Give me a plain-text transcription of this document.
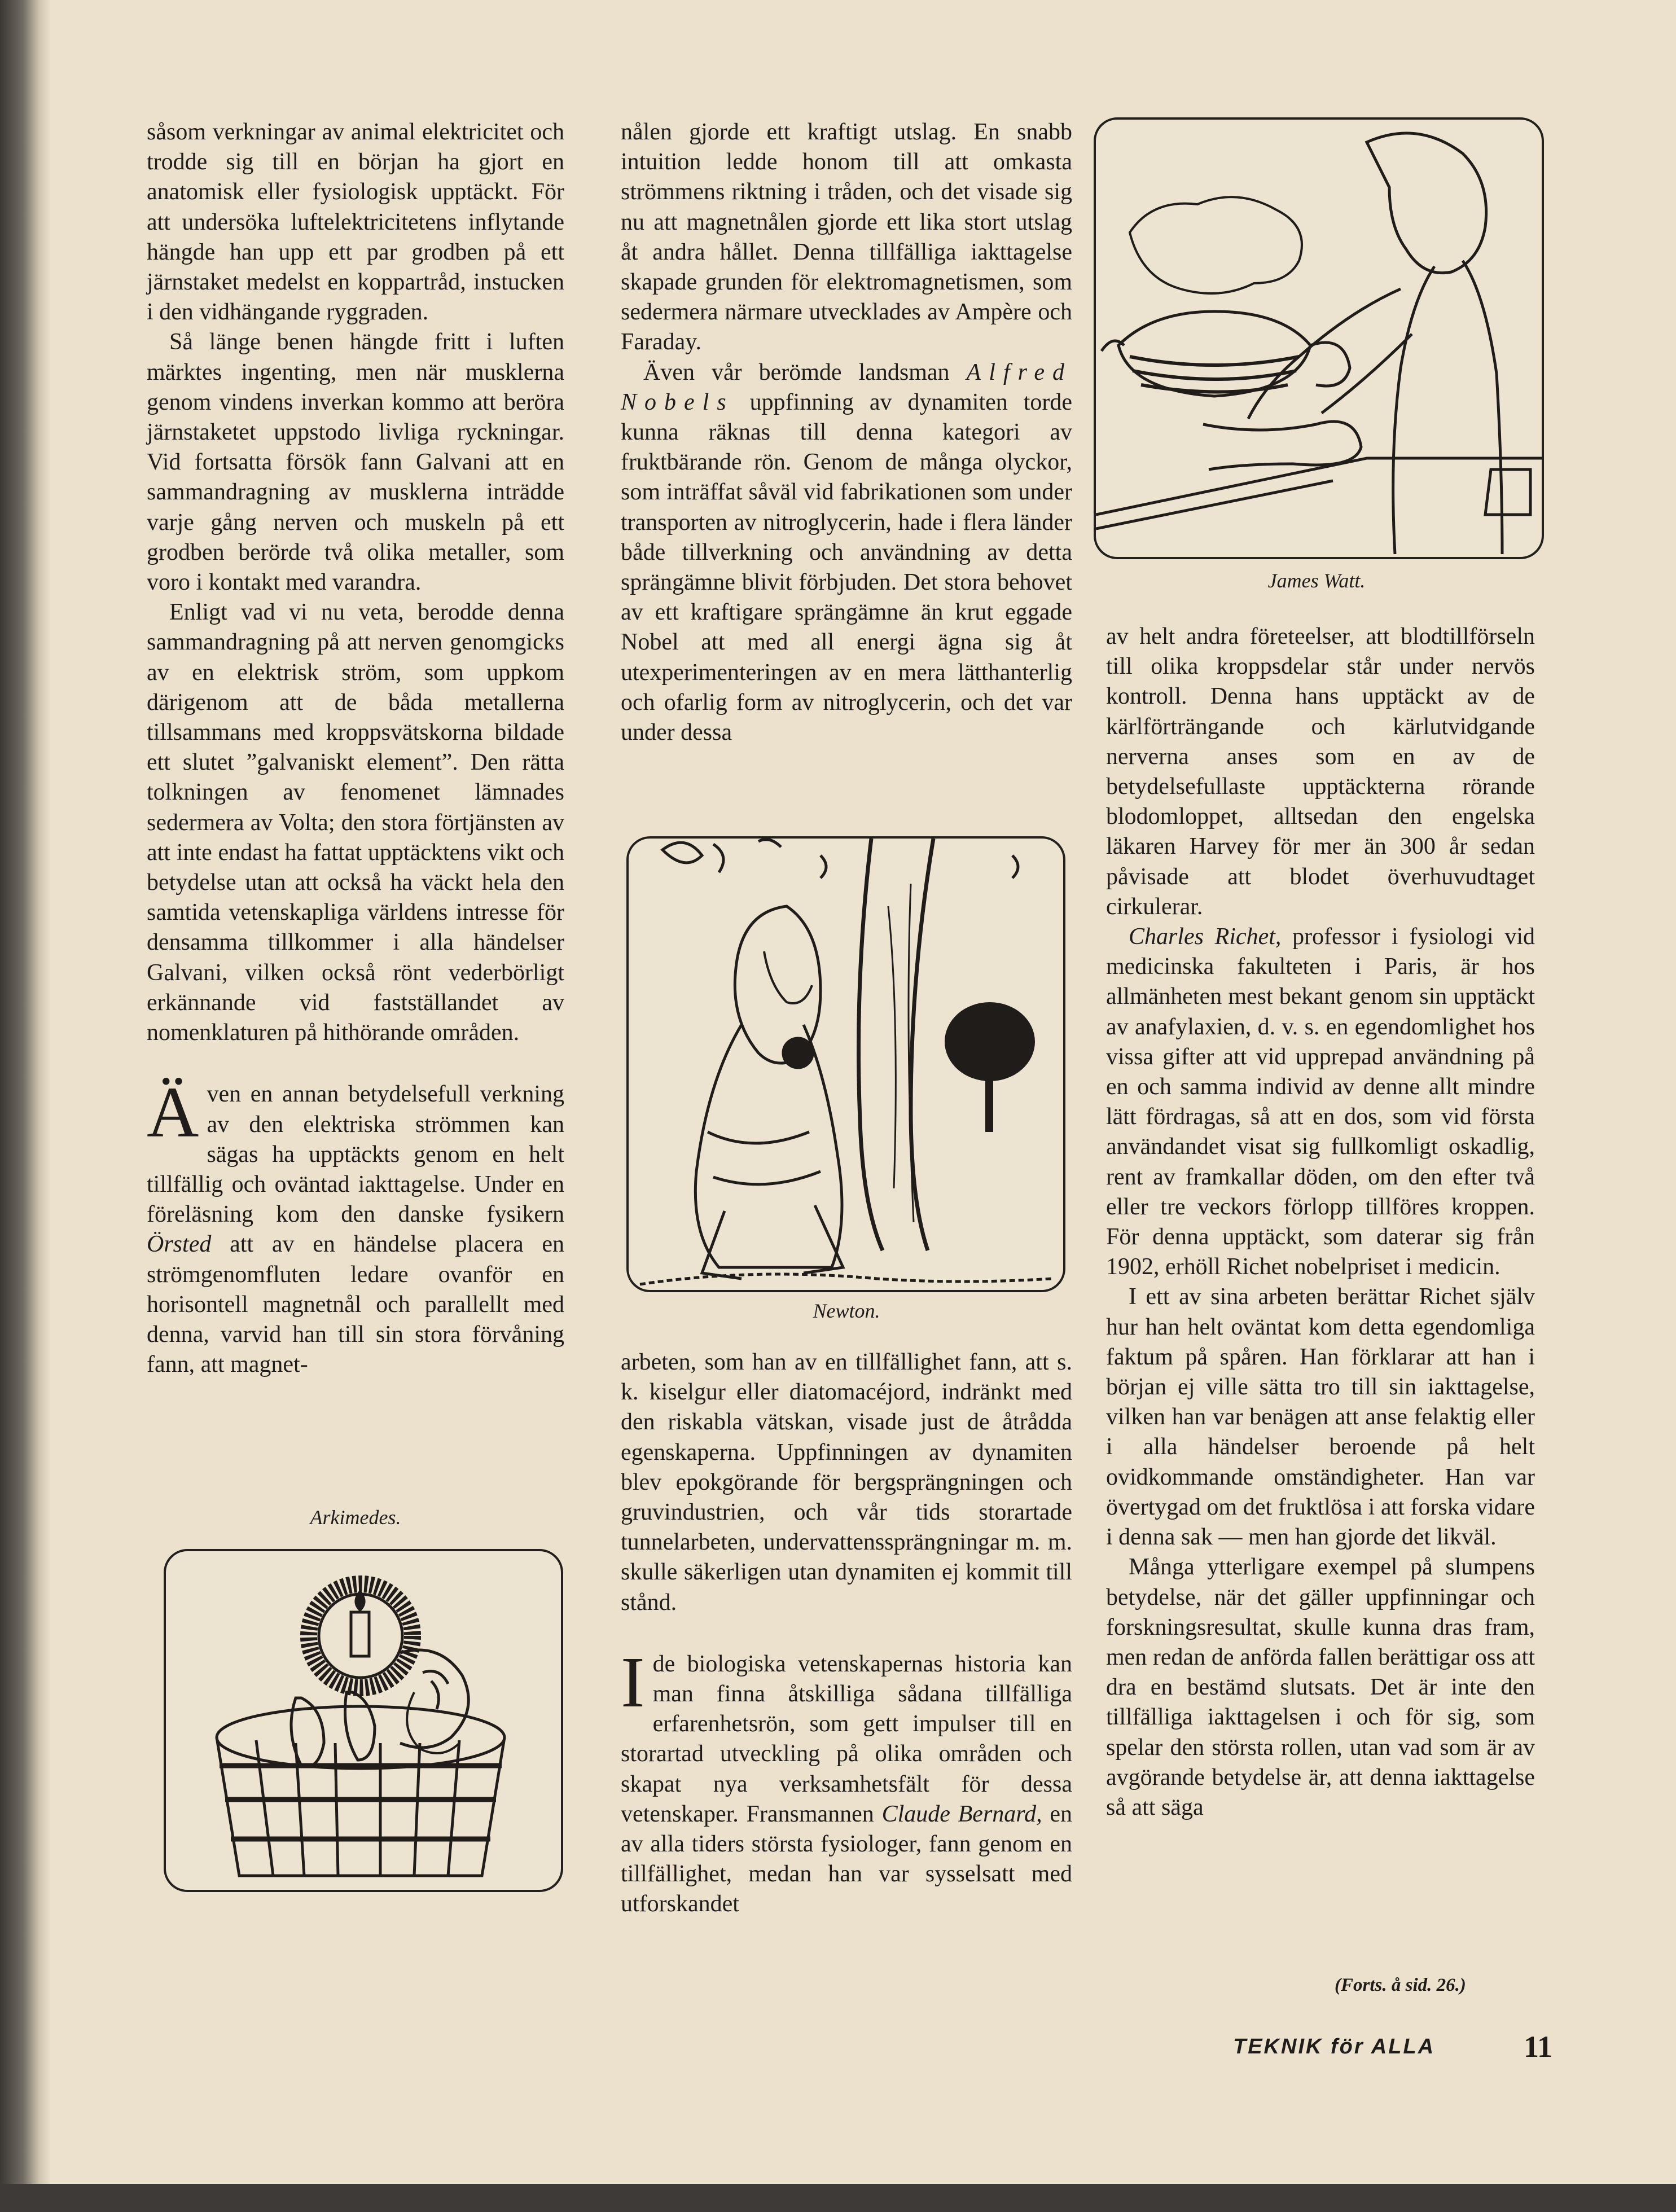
såsom verkningar av animal elektricitet och trodde sig till en början ha gjort en anatomisk eller fysiologisk upptäckt. För att undersöka luftelektricitetens inflytande hängde han upp ett par grodben på ett järnstaket medelst en koppartråd, instucken i den vidhängande ryggraden.

Så länge benen hängde fritt i luften märktes ingenting, men när musklerna genom vindens inverkan kommo att beröra järnstaketet uppstodo livliga ryckningar. Vid fortsatta försök fann Galvani att en sammandragning av musklerna inträdde varje gång nerven och muskeln på ett grodben berörde två olika metaller, som voro i kontakt med varandra.

Enligt vad vi nu veta, berodde denna sammandragning på att nerven genomgicks av en elektrisk ström, som uppkom därigenom att de båda metallerna tillsammans med kroppsvätskorna bildade ett slutet ”galvaniskt element”. Den rätta tolkningen av fenomenet lämnades sedermera av Volta; den stora förtjänsten av att inte endast ha fattat upptäcktens vikt och betydelse utan att också ha väckt hela den samtida vetenskapliga världens intresse för densamma tillkommer i alla händelser Galvani, vilken också rönt vederbörligt erkännande vid fastställandet av nomenklaturen på hithörande områden.

Även en annan betydelsefull verkning av den elektriska strömmen kan sägas ha upptäckts genom en helt tillfällig och oväntad iakttagelse. Under en föreläsning kom den danske fysikern Örsted att av en händelse placera en strömgenomfluten ledare ovanför en horisontell magnetnål och parallellt med denna, varvid han till sin stora förvåning fann, att magnet-

Arkimedes.

nålen gjorde ett kraftigt utslag. En snabb intuition ledde honom till att omkasta strömmens riktning i tråden, och det visade sig nu att magnetnålen gjorde ett lika stort utslag åt andra hållet. Denna tillfälliga iakttagelse skapade grunden för elektromagnetismen, som sedermera närmare utvecklades av Ampère och Faraday.

Även vår berömde landsman Alfred Nobels uppfinning av dynamiten torde kunna räknas till denna kategori av fruktbärande rön. Genom de många olyckor, som inträffat såväl vid fabrikationen som under transporten av nitroglycerin, hade i flera länder både tillverkning och användning av detta sprängämne blivit förbjuden. Det stora behovet av ett kraftigare sprängämne än krut eggade Nobel att med all energi ägna sig åt utexperimenteringen av en mera lätthanterlig och ofarlig form av nitroglycerin, och det var under dessa

Newton.

arbeten, som han av en tillfällighet fann, att s. k. kiselgur eller diatomacéjord, indränkt med den riskabla vätskan, visade just de åtrådda egenskaperna. Uppfinningen av dynamiten blev epokgörande för bergsprängningen och gruvindustrien, och vår tids storartade tunnelarbeten, undervattenssprängningar m. m. skulle säkerligen utan dynamiten ej kommit till stånd.

Ide biologiska vetenskapernas historia kan man finna åtskilliga sådana tillfälliga erfarenhetsrön, som gett impulser till en storartad utveckling på olika områden och skapat nya verksamhetsfält för dessa vetenskaper. Fransmannen Claude Bernard, en av alla tiders största fysiologer, fann genom en tillfällighet, medan han var sysselsatt med utforskandet

James Watt.

av helt andra företeelser, att blodtillförseln till olika kroppsdelar står under nervös kontroll. Denna hans upptäckt av de kärlförträngande och kärlutvidgande nerverna anses som en av de betydelsefullaste upptäckterna rörande blodomloppet, alltsedan den engelska läkaren Harvey för mer än 300 år sedan påvisade att blodet överhuvudtaget cirkulerar.

Charles Richet, professor i fysiologi vid medicinska fakulteten i Paris, är hos allmänheten mest bekant genom sin upptäckt av anafylaxien, d. v. s. en egendomlighet hos vissa gifter att vid upprepad användning på en och samma individ av denne allt mindre lätt fördragas, så att en dos, som vid första användandet visat sig fullkomligt oskadlig, rent av framkallar döden, om den efter två eller tre veckors förlopp tillföres kroppen. För denna upptäckt, som daterar sig från 1902, erhöll Richet nobelpriset i medicin.

I ett av sina arbeten berättar Richet själv hur han helt oväntat kom detta egendomliga faktum på spåren. Han förklarar att han i början ej ville sätta tro till sin iakttagelse, vilken han var benägen att anse felaktig eller i alla händelser beroende på helt ovidkommande omständigheter. Han var övertygad om det fruktlösa i att forska vidare i denna sak — men han gjorde det likväl.

Många ytterligare exempel på slumpens betydelse, när det gäller uppfinningar och forskningsresultat, skulle kunna dras fram, men redan de anförda fallen berättigar oss att dra en bestämd slutsats. Det är inte den tillfälliga iakttagelsen i och för sig, som spelar den största rollen, utan vad som är av avgörande betydelse är, att denna iakttagelse så att säga

(Forts. å sid. 26.)
TEKNIK för ALLA	11
